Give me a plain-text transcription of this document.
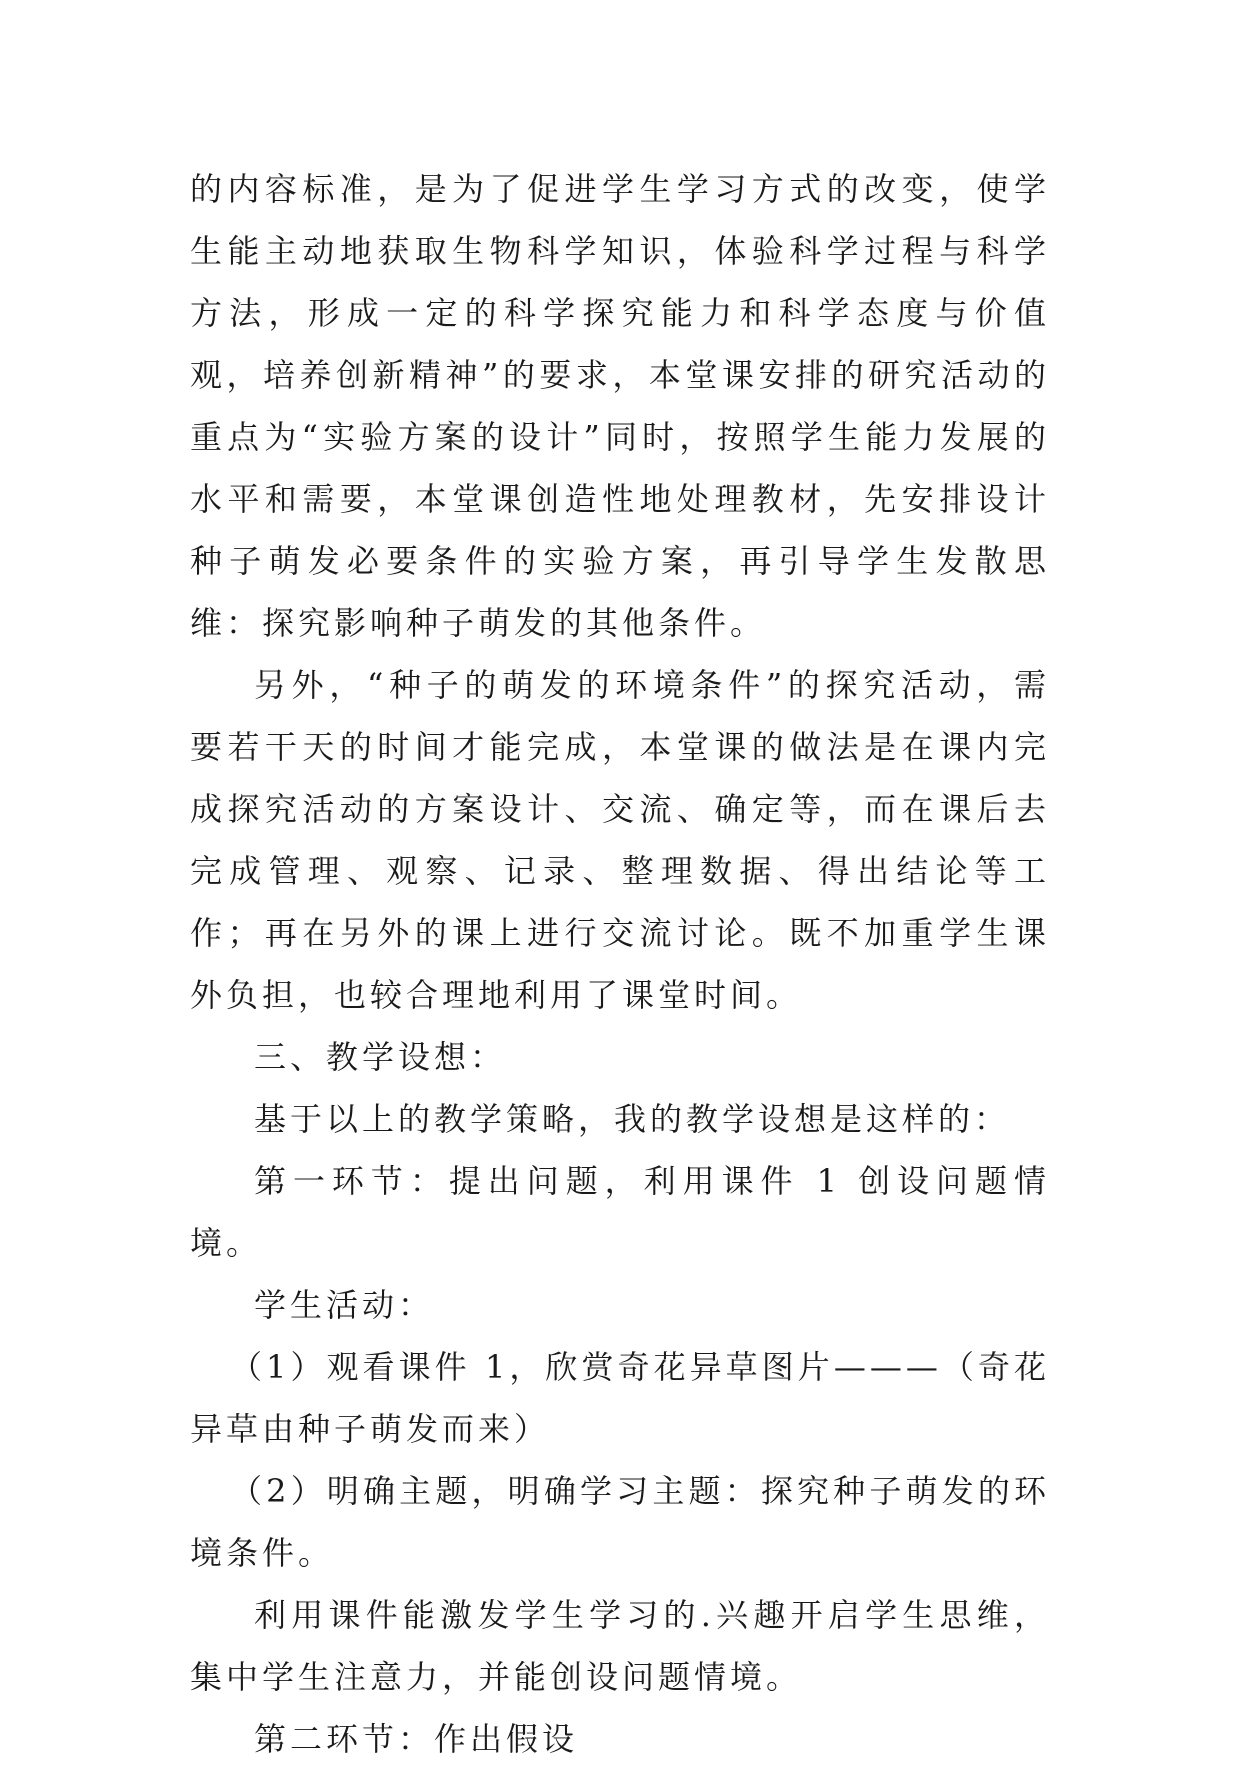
的内容标准，是为了促进学生学习方式的改变，使学生能主动地获取生物科学知识，体验科学过程与科学方法，形成一定的科学探究能力和科学态度与价值观，培养创新精神”的要求，本堂课安排的研究活动的重点为“实验方案的设计”同时，按照学生能力发展的水平和需要，本堂课创造性地处理教材，先安排设计种子萌发必要条件的实验方案，再引导学生发散思维：探究影响种子萌发的其他条件。

另外，“种子的萌发的环境条件”的探究活动，需要若干天的时间才能完成，本堂课的做法是在课内完成探究活动的方案设计、交流、确定等，而在课后去完成管理、观察、记录、整理数据、得出结论等工作；再在另外的课上进行交流讨论。既不加重学生课外负担，也较合理地利用了课堂时间。

三、教学设想：

基于以上的教学策略，我的教学设想是这样的：

第一环节：提出问题，利用课件 1 创设问题情境。

学生活动：

（1）观看课件 1，欣赏奇花异草图片———（奇花异草由种子萌发而来）

（2）明确主题，明确学习主题：探究种子萌发的环境条件。

利用课件能激发学生学习的.兴趣开启学生思维，集中学生注意力，并能创设问题情境。

第二环节：作出假设
